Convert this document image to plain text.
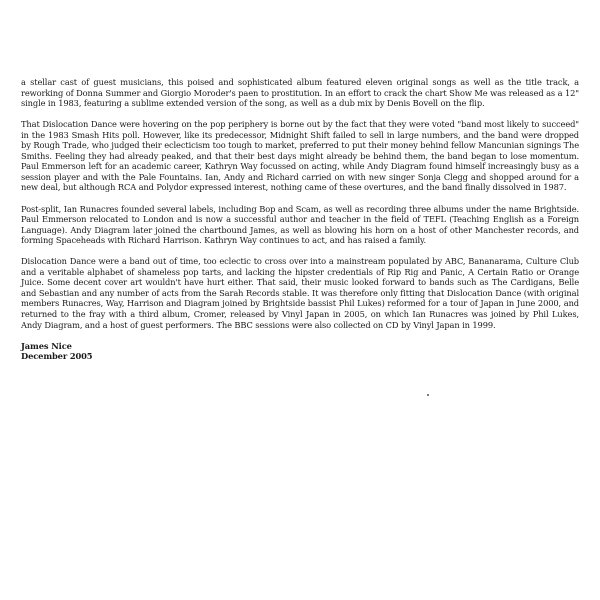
a stellar cast of guest musicians, this poised and sophisticated album featured eleven original songs as well as the title track, a reworking of Donna Summer and Giorgio Moroder's paen to prostitution. In an effort to crack the chart Show Me was released as a 12" single in 1983, featuring a sublime extended version of the song, as well as a dub mix by Denis Bovell on the flip.

That Dislocation Dance were hovering on the pop periphery is borne out by the fact that they were voted "band most likely to succeed" in the 1983 Smash Hits poll. However, like its predecessor, Midnight Shift failed to sell in large numbers, and the band were dropped by Rough Trade, who judged their eclecticism too tough to market, preferred to put their money behind fellow Mancunian signings The Smiths. Feeling they had already peaked, and that their best days might already be behind them, the band began to lose momentum. Paul Emmerson left for an academic career, Kathryn Way focussed on acting, while Andy Diagram found himself increasingly busy as a session player and with the Pale Fountains. Ian, Andy and Richard carried on with new singer Sonja Clegg and shopped around for a new deal, but although RCA and Polydor expressed interest, nothing came of these overtures, and the band finally dissolved in 1987.

Post-split, Ian Runacres founded several labels, including Bop and Scam, as well as recording three albums under the name Brightside. Paul Emmerson relocated to London and is now a successful author and teacher in the field of TEFL (Teaching English as a Foreign Language). Andy Diagram later joined the chartbound James, as well as blowing his horn on a host of other Manchester records, and forming Spaceheads with Richard Harrison. Kathryn Way continues to act, and has raised a family.

Dislocation Dance were a band out of time, too eclectic to cross over into a mainstream populated by ABC, Bananarama, Culture Club and a veritable alphabet of shameless pop tarts, and lacking the hipster credentials of Rip Rig and Panic, A Certain Ratio or Orange Juice. Some decent cover art wouldn't have hurt either. That said, their music looked forward to bands such as The Cardigans, Belle and Sebastian and any number of acts from the Sarah Records stable. It was therefore only fitting that Dislocation Dance (with original members Runacres, Way, Harrison and Diagram joined by Brightside bassist Phil Lukes) reformed for a tour of Japan in June 2000, and returned to the fray with a third album, Cromer, released by Vinyl Japan in 2005, on which Ian Runacres was joined by Phil Lukes, Andy Diagram, and a host of guest performers. The BBC sessions were also collected on CD by Vinyl Japan in 1999.

James Nice
December 2005
